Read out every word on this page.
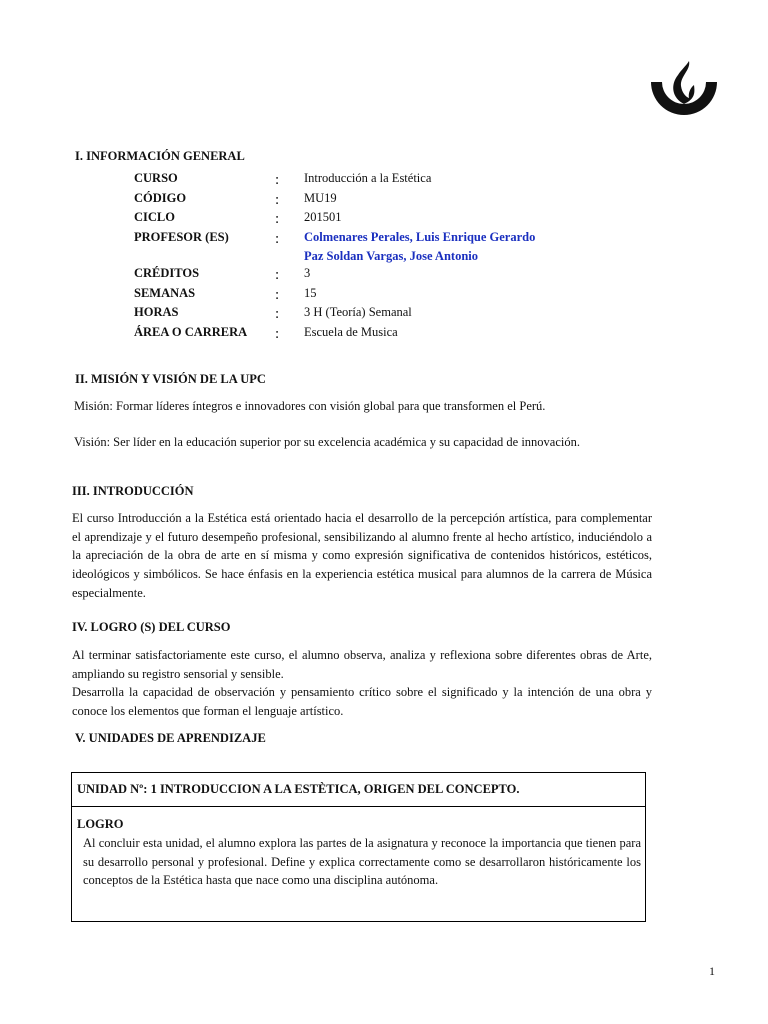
I. INFORMACIÓN GENERAL
CURSO	: Introducción a la Estética
CÓDIGO	: MU19
CICLO	: 201501
PROFESOR (ES)	: Colmenares Perales, Luis Enrique Gerardo
Paz Soldan Vargas, Jose Antonio
CRÉDITOS	: 3
SEMANAS	: 15
HORAS	: 3 H (Teoría) Semanal
ÁREA O CARRERA : Escuela de Musica
II. MISIÓN Y VISIÓN DE LA UPC
Misión: Formar líderes íntegros e innovadores con visión global para que transformen el Perú.
Visión: Ser líder en la educación superior por su excelencia académica y su capacidad de innovación.
III. INTRODUCCIÓN
El curso Introducción a la Estética está orientado hacia el desarrollo de la percepción artística, para complementar el aprendizaje y el futuro desempeño profesional, sensibilizando al alumno frente al hecho artístico, induciéndolo a la apreciación de la obra de arte en sí misma y como expresión significativa de contenidos históricos, estéticos, ideológicos y simbólicos. Se hace énfasis en la experiencia estética musical para alumnos de la carrera de Música especialmente.
IV. LOGRO (S) DEL CURSO
Al terminar satisfactoriamente este curso, el alumno observa, analiza y reflexiona sobre diferentes obras de Arte, ampliando su registro sensorial y sensible.
Desarrolla la capacidad de observación y pensamiento crítico sobre el significado y la intención de una obra y conoce los elementos que forman el lenguaje artístico.
V. UNIDADES DE APRENDIZAJE
UNIDAD Nº: 1 INTRODUCCION A LA ESTÈTICA, ORIGEN DEL CONCEPTO.
LOGRO
Al concluir esta unidad, el alumno explora las partes de la asignatura y reconoce la importancia que tienen para su desarrollo personal y profesional. Define y explica correctamente como se desarrollaron históricamente los conceptos de la Estética hasta que nace como una disciplina autónoma.
1
